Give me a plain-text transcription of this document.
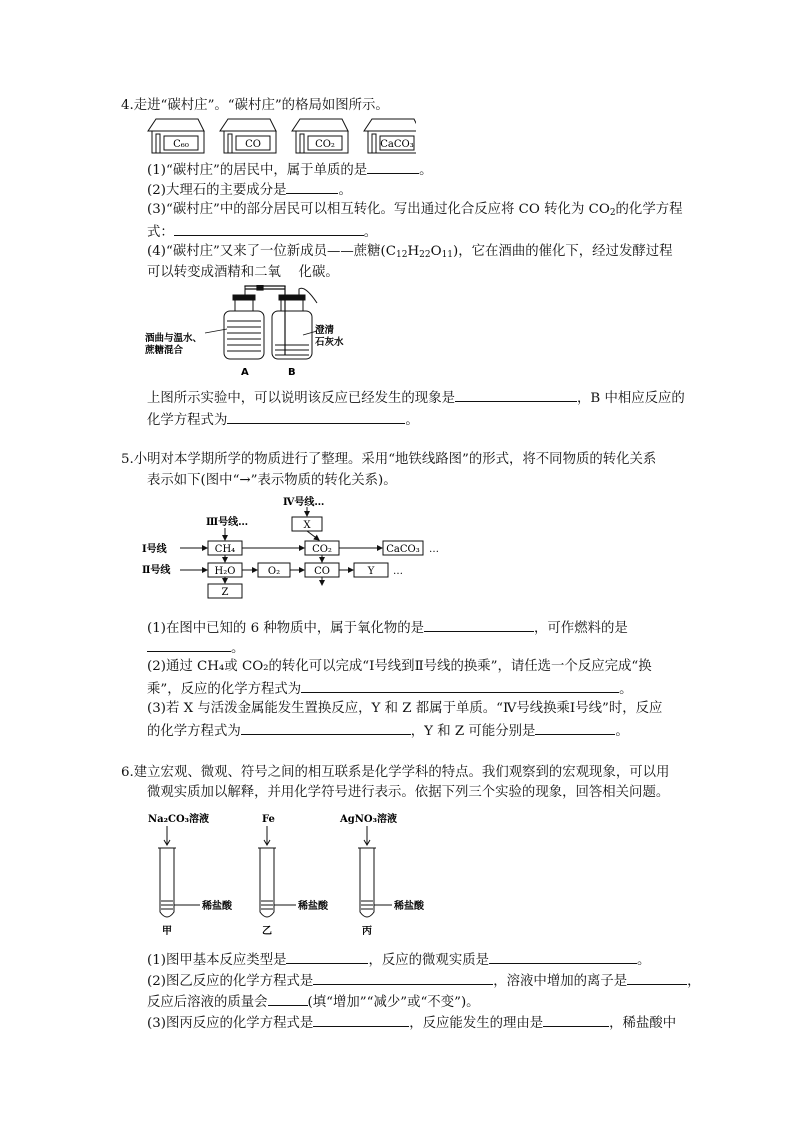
4.走进“碳村庄”。“碳村庄”的格局如图所示。
C₆₀	CO	CO₂	CaCO₃
(1)“碳村庄”的居民中，属于单质的是	。
(2)大理石的主要成分是	。
(3)“碳村庄”中的部分居民可以相互转化。写出通过化合反应将 CO 转化为 $CO_2$的化学方程
式：	。
(4)“碳村庄”又来了一位新成员——蔗糖$(C_{12}H_{22}O_{11})$，它在酒曲的催化下，经过发酵过程
可以转变成酒精和二氧　 化碳。
酒曲与温水、
蔗糖混合
澄清
石灰水
A	B
上图所示实验中，可以说明该反应已经发生的现象是	，B 中相应反应的
化学方程式为	。
5.小明对本学期所学的物质进行了整理。采用“地铁线路图”的形式，将不同物质的转化关系
表示如下(图中“→”表示物质的转化关系)。
Ⅳ号线…
Ⅲ号线…
Ⅰ号线
Ⅱ号线
X
CH₄	CO₂	CaCO₃
H₂O	O₂	CO	Y
Z
…
…
(1)在图中已知的 6 种物质中，属于氧化物的是	，可作燃料的是
。
(2)通过 CH₄或 CO₂的转化可以完成“Ⅰ号线到Ⅱ号线的换乘”，请任选一个反应完成“换
乘”，反应的化学方程式为	。
(3)若 X 与活泼金属能发生置换反应，Y 和 Z 都属于单质。“Ⅳ号线换乘Ⅰ号线”时，反应
的化学方程式为	，Y 和 Z 可能分别是	。
6.建立宏观、微观、符号之间的相互联系是化学学科的特点。我们观察到的宏观现象，可以用
微观实质加以解释，并用化学符号进行表示。依据下列三个实验的现象，回答相关问题。
Na₂CO₃溶液	Fe	AgNO₃溶液
稀盐酸	稀盐酸	稀盐酸
甲	乙	丙
(1)图甲基本反应类型是	，反应的微观实质是	。
(2)图乙反应的化学方程式是	，溶液中增加的离子是	，
反应后溶液的质量会	(填“增加”“减少”或“不变”)。
(3)图丙反应的化学方程式是	，反应能发生的理由是	，稀盐酸中
